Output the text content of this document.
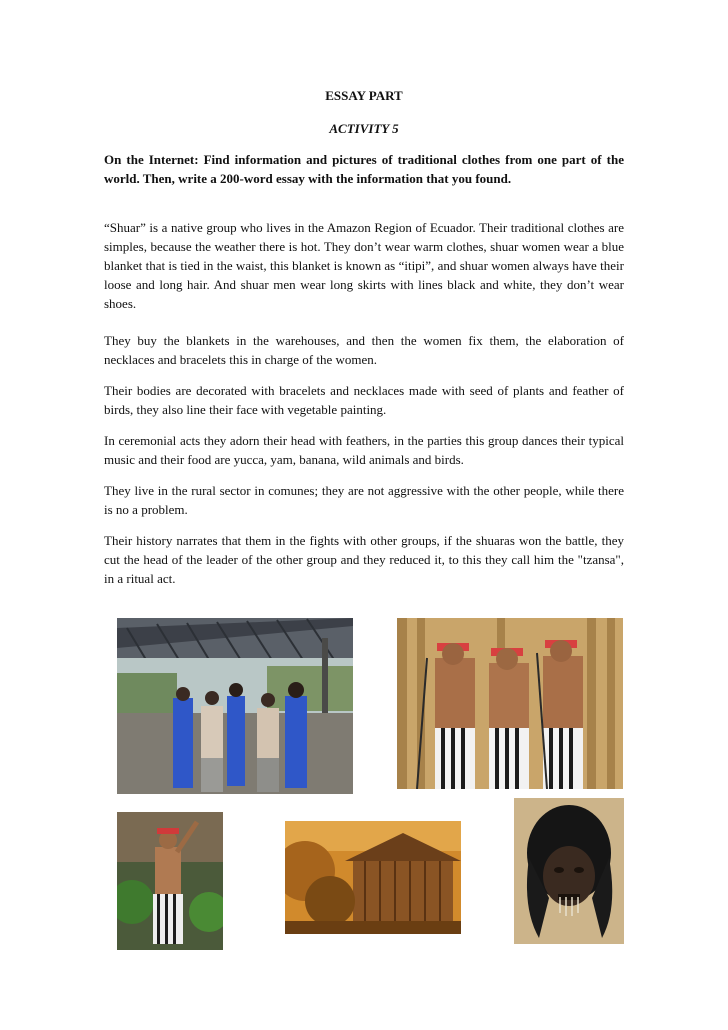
ESSAY PART
ACTIVITY 5

On the Internet: Find information and pictures of traditional clothes from one part of the world. Then, write a 200-word essay with the information that you found.

“Shuar” is a native group who lives in the Amazon Region of Ecuador. Their traditional clothes are simples, because the weather there is hot. They don’t wear warm clothes, shuar women wear a blue blanket that is tied in the waist, this blanket is known as “itipi”, and shuar women always have their loose and long hair. And shuar men wear long skirts with lines black and white, they don’t wear shoes.

They buy the blankets in the warehouses, and then the women fix them, the elaboration of necklaces and bracelets this in charge of the women.

Their bodies are decorated with bracelets and necklaces made with seed of plants and feather of birds, they also line their face with vegetable painting.

In ceremonial acts they adorn their head with feathers, in the parties this group dances their typical music and their food are yucca, yam, banana, wild animals and birds.

They live in the rural sector in comunes; they are not aggressive with the other people, while there is no a problem.

Their history narrates that them in the fights with other groups, if the shuaras won the battle, they cut the head of the leader of the other group and they reduced it, to this they call him the "tzansa", in a ritual act.
